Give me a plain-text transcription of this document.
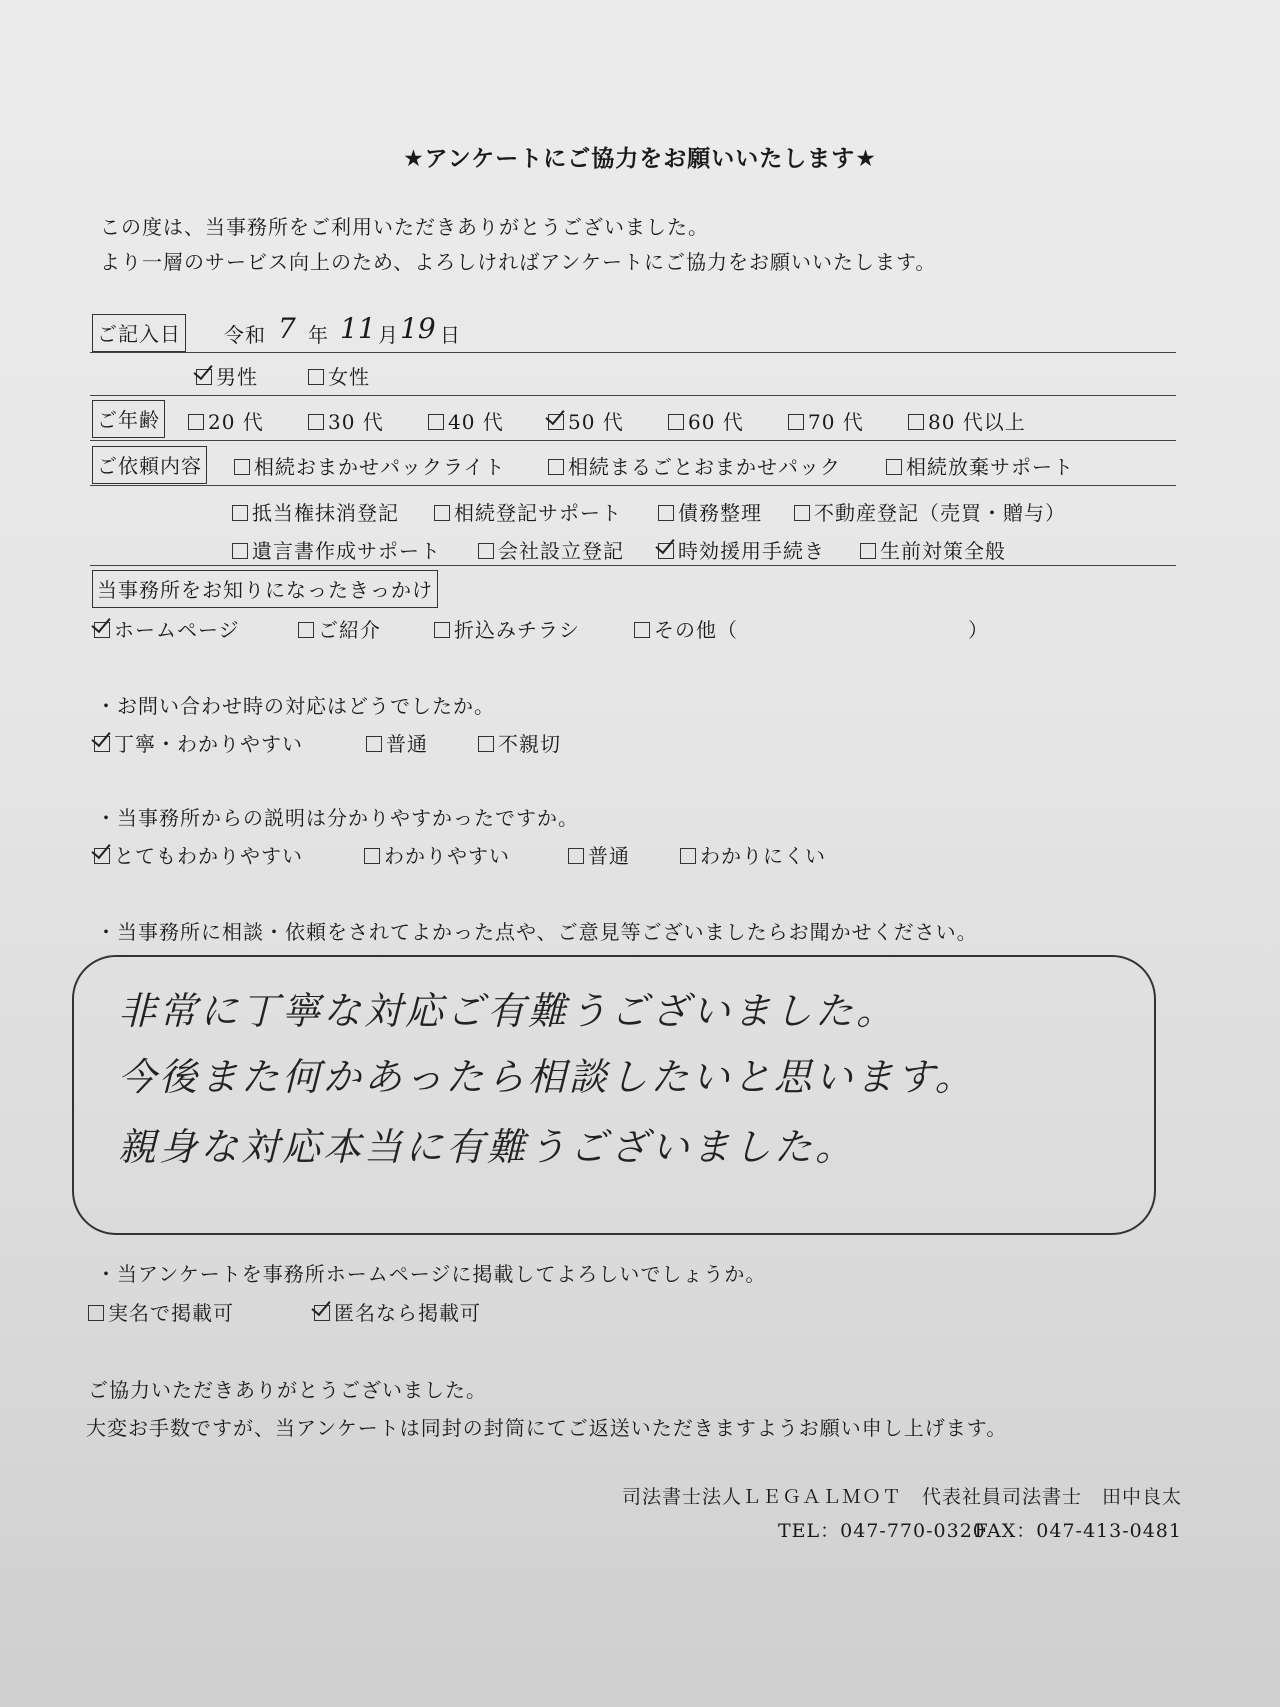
★アンケートにご協力をお願いいたします★
この度は、当事務所をご利用いただきありがとうございました。
より一層のサービス向上のため、よろしければアンケートにご協力をお願いいたします。
ご記入日 令和 7 年 11 月 19 日
男性	女性
ご年齢	20 代	30 代	40 代	50 代	60 代	70 代	80 代以上
ご依頼内容	相続おまかせパックライト	相続まるごとおまかせパック	相続放棄サポート
抵当権抹消登記	相続登記サポート	債務整理	不動産登記（売買・贈与）
遺言書作成サポート	会社設立登記	時効援用手続き	生前対策全般
当事務所をお知りになったきっかけ
ホームページ	ご紹介	折込みチラシ	その他（	）
・お問い合わせ時の対応はどうでしたか。
丁寧・わかりやすい	普通	不親切
・当事務所からの説明は分かりやすかったですか。
とてもわかりやすい	わかりやすい	普通	わかりにくい
・当事務所に相談・依頼をされてよかった点や、ご意見等ございましたらお聞かせください。
非常に丁寧な対応ご有難うございました。
今後また何かあったら相談したいと思います。
親身な対応本当に有難うございました。
・当アンケートを事務所ホームページに掲載してよろしいでしょうか。
実名で掲載可	匿名なら掲載可
ご協力いただきありがとうございました。
大変お手数ですが、当アンケートは同封の封筒にてご返送いただきますようお願い申し上げます。
司法書士法人ＬＥＧＡＬＭＯＴ　代表社員司法書士　田中良太
TEL：047-770-0320
FAX：047-413-0481
